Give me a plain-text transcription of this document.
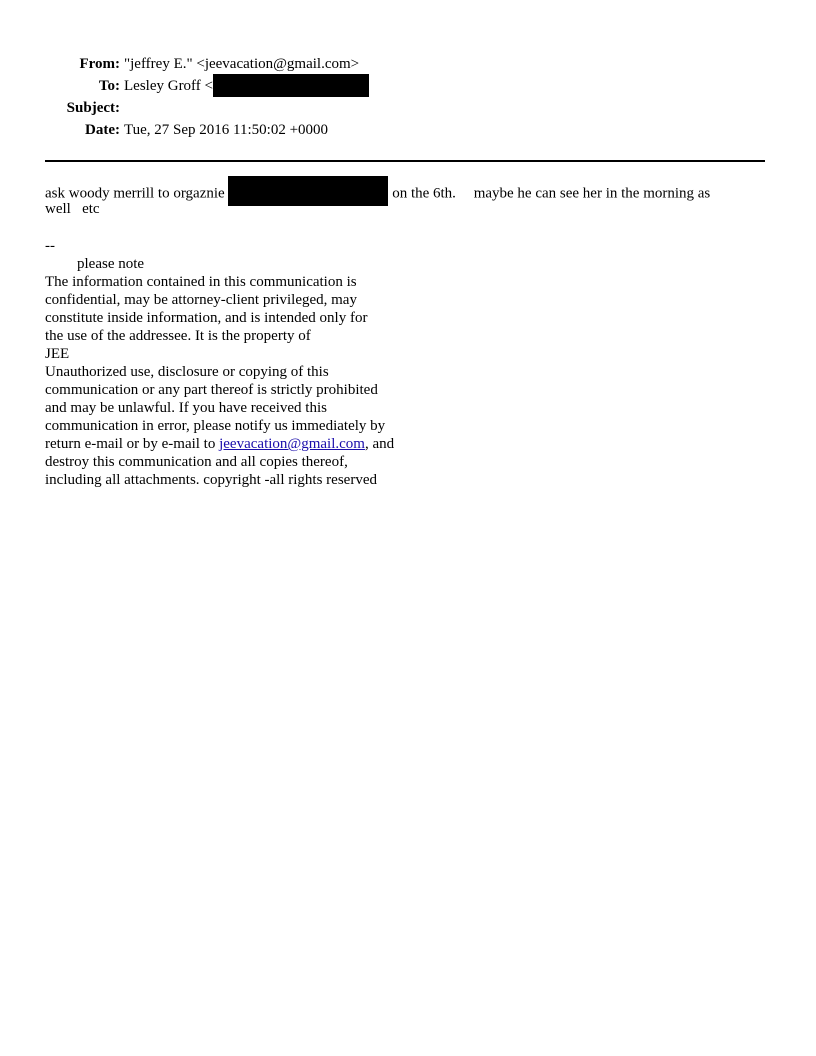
From: "jeffrey E." <jeevacation@gmail.com>
To: Lesley Groff <
Subject:
Date: Tue, 27 Sep 2016 11:50:02 +0000
ask woody merrill to orgaznie	on the 6th. maybe he can see her in the morning as
well   etc
--
please note
The information contained in this communication is
confidential, may be attorney-client privileged, may
constitute inside information, and is intended only for
the use of the addressee. It is the property of
JEE
Unauthorized use, disclosure or copying of this
communication or any part thereof is strictly prohibited
and may be unlawful. If you have received this
communication in error, please notify us immediately by
return e-mail or by e-mail to jeevacation@gmail.com, and
destroy this communication and all copies thereof,
including all attachments. copyright -all rights reserved
